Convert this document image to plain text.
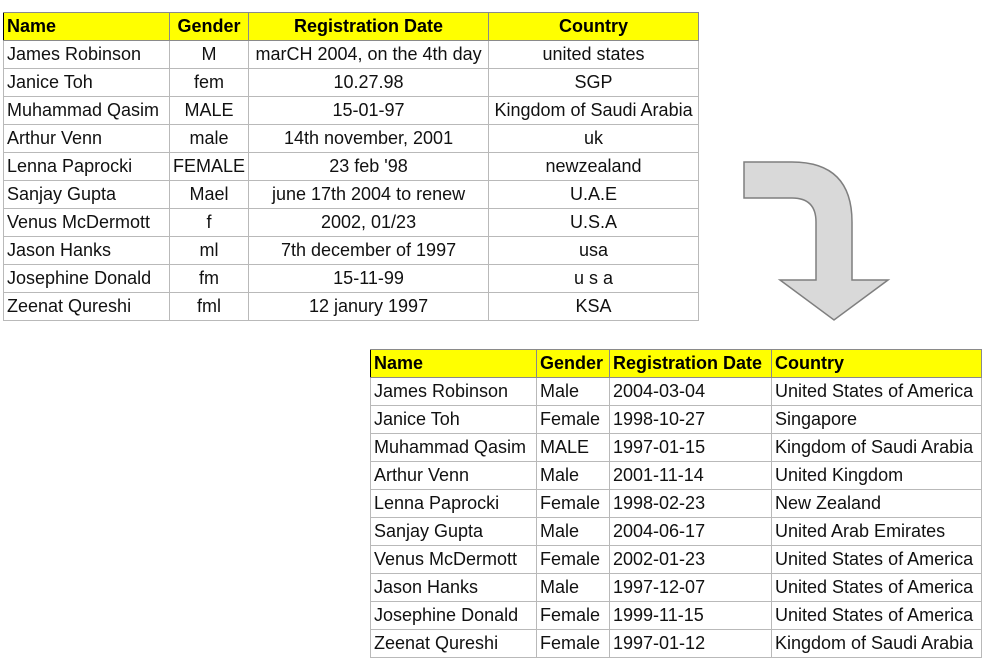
Name	Gender	Registration Date	Country
James Robinson	M	marCH 2004, on the 4th day	united states
Janice Toh	fem	10.27.98	SGP
Muhammad Qasim	MALE	15-01-97	Kingdom of Saudi Arabia
Arthur Venn	male	14th november, 2001	uk
Lenna Paprocki	FEMALE	23 feb '98	newzealand
Sanjay Gupta	Mael	june 17th 2004 to renew	U.A.E
Venus McDermott	f	2002, 01/23	U.S.A
Jason Hanks	ml	7th december of 1997	usa
Josephine Donald	fm	15-11-99	u s a
Zeenat Qureshi	fml	12 janury 1997	KSA
Name	Gender	Registration Date	Country
James Robinson	Male	2004-03-04	United States of America
Janice Toh	Female	1998-10-27	Singapore
Muhammad Qasim	MALE	1997-01-15	Kingdom of Saudi Arabia
Arthur Venn	Male	2001-11-14	United Kingdom
Lenna Paprocki	Female	1998-02-23	New Zealand
Sanjay Gupta	Male	2004-06-17	United Arab Emirates
Venus McDermott	Female	2002-01-23	United States of America
Jason Hanks	Male	1997-12-07	United States of America
Josephine Donald	Female	1999-11-15	United States of America
Zeenat Qureshi	Female	1997-01-12	Kingdom of Saudi Arabia
